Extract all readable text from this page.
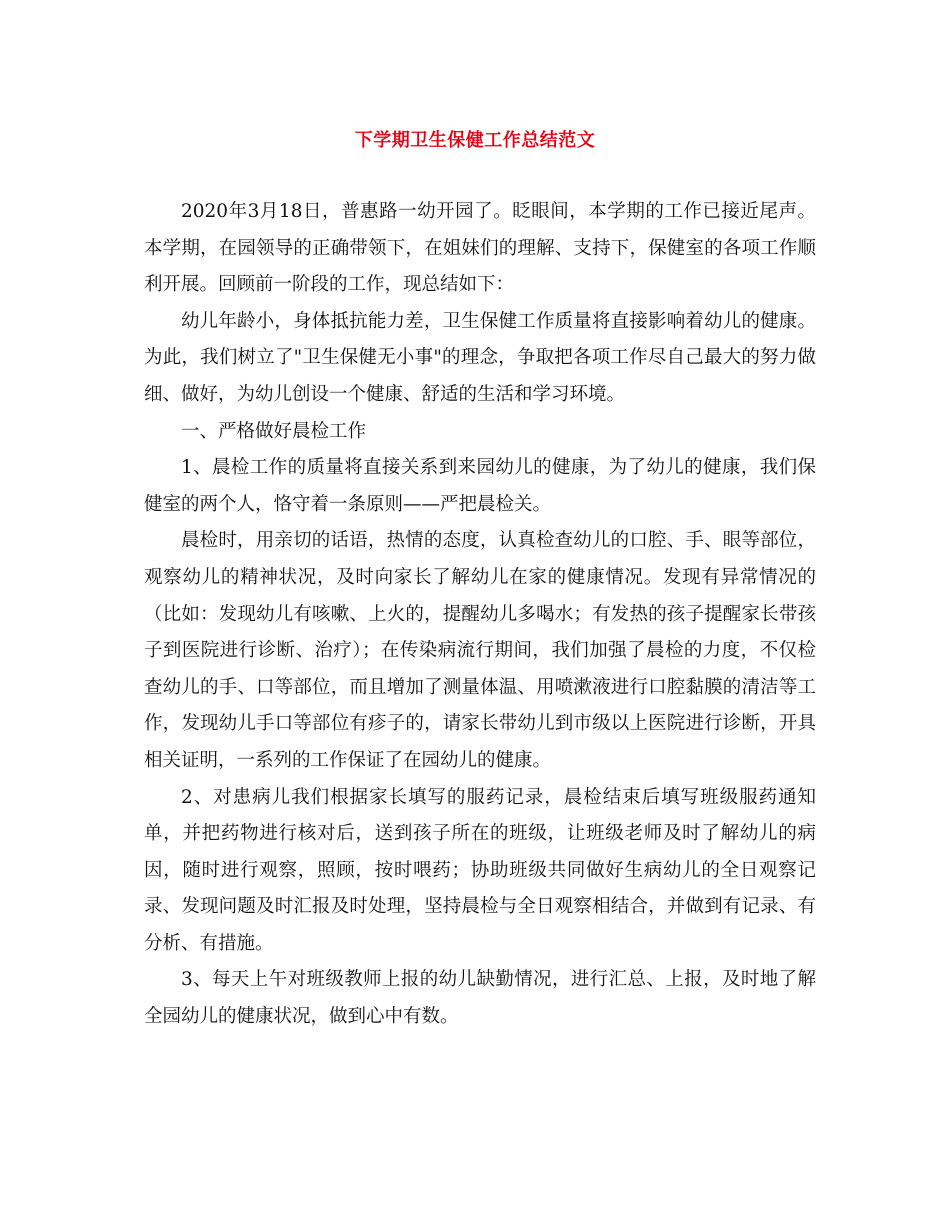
下学期卫生保健工作总结范文

2020年3月18日，普惠路一幼开园了。眨眼间，本学期的工作已接近尾声。本学期，在园领导的正确带领下，在姐妹们的理解、支持下，保健室的各项工作顺利开展。回顾前一阶段的工作，现总结如下：

幼儿年龄小，身体抵抗能力差，卫生保健工作质量将直接影响着幼儿的健康。为此，我们树立了"卫生保健无小事"的理念，争取把各项工作尽自己最大的努力做细、做好，为幼儿创设一个健康、舒适的生活和学习环境。

一、严格做好晨检工作

1、晨检工作的质量将直接关系到来园幼儿的健康，为了幼儿的健康，我们保健室的两个人，恪守着一条原则——严把晨检关。

晨检时，用亲切的话语，热情的态度，认真检查幼儿的口腔、手、眼等部位，观察幼儿的精神状况，及时向家长了解幼儿在家的健康情况。发现有异常情况的（比如：发现幼儿有咳嗽、上火的，提醒幼儿多喝水；有发热的孩子提醒家长带孩子到医院进行诊断、治疗）；在传染病流行期间，我们加强了晨检的力度，不仅检查幼儿的手、口等部位，而且增加了测量体温、用喷漱液进行口腔黏膜的清洁等工作，发现幼儿手口等部位有疹子的，请家长带幼儿到市级以上医院进行诊断，开具相关证明，一系列的工作保证了在园幼儿的健康。

2、对患病儿我们根据家长填写的服药记录，晨检结束后填写班级服药通知单，并把药物进行核对后，送到孩子所在的班级，让班级老师及时了解幼儿的病因，随时进行观察，照顾，按时喂药；协助班级共同做好生病幼儿的全日观察记录、发现问题及时汇报及时处理，坚持晨检与全日观察相结合，并做到有记录、有分析、有措施。

3、每天上午对班级教师上报的幼儿缺勤情况，进行汇总、上报，及时地了解全园幼儿的健康状况，做到心中有数。
